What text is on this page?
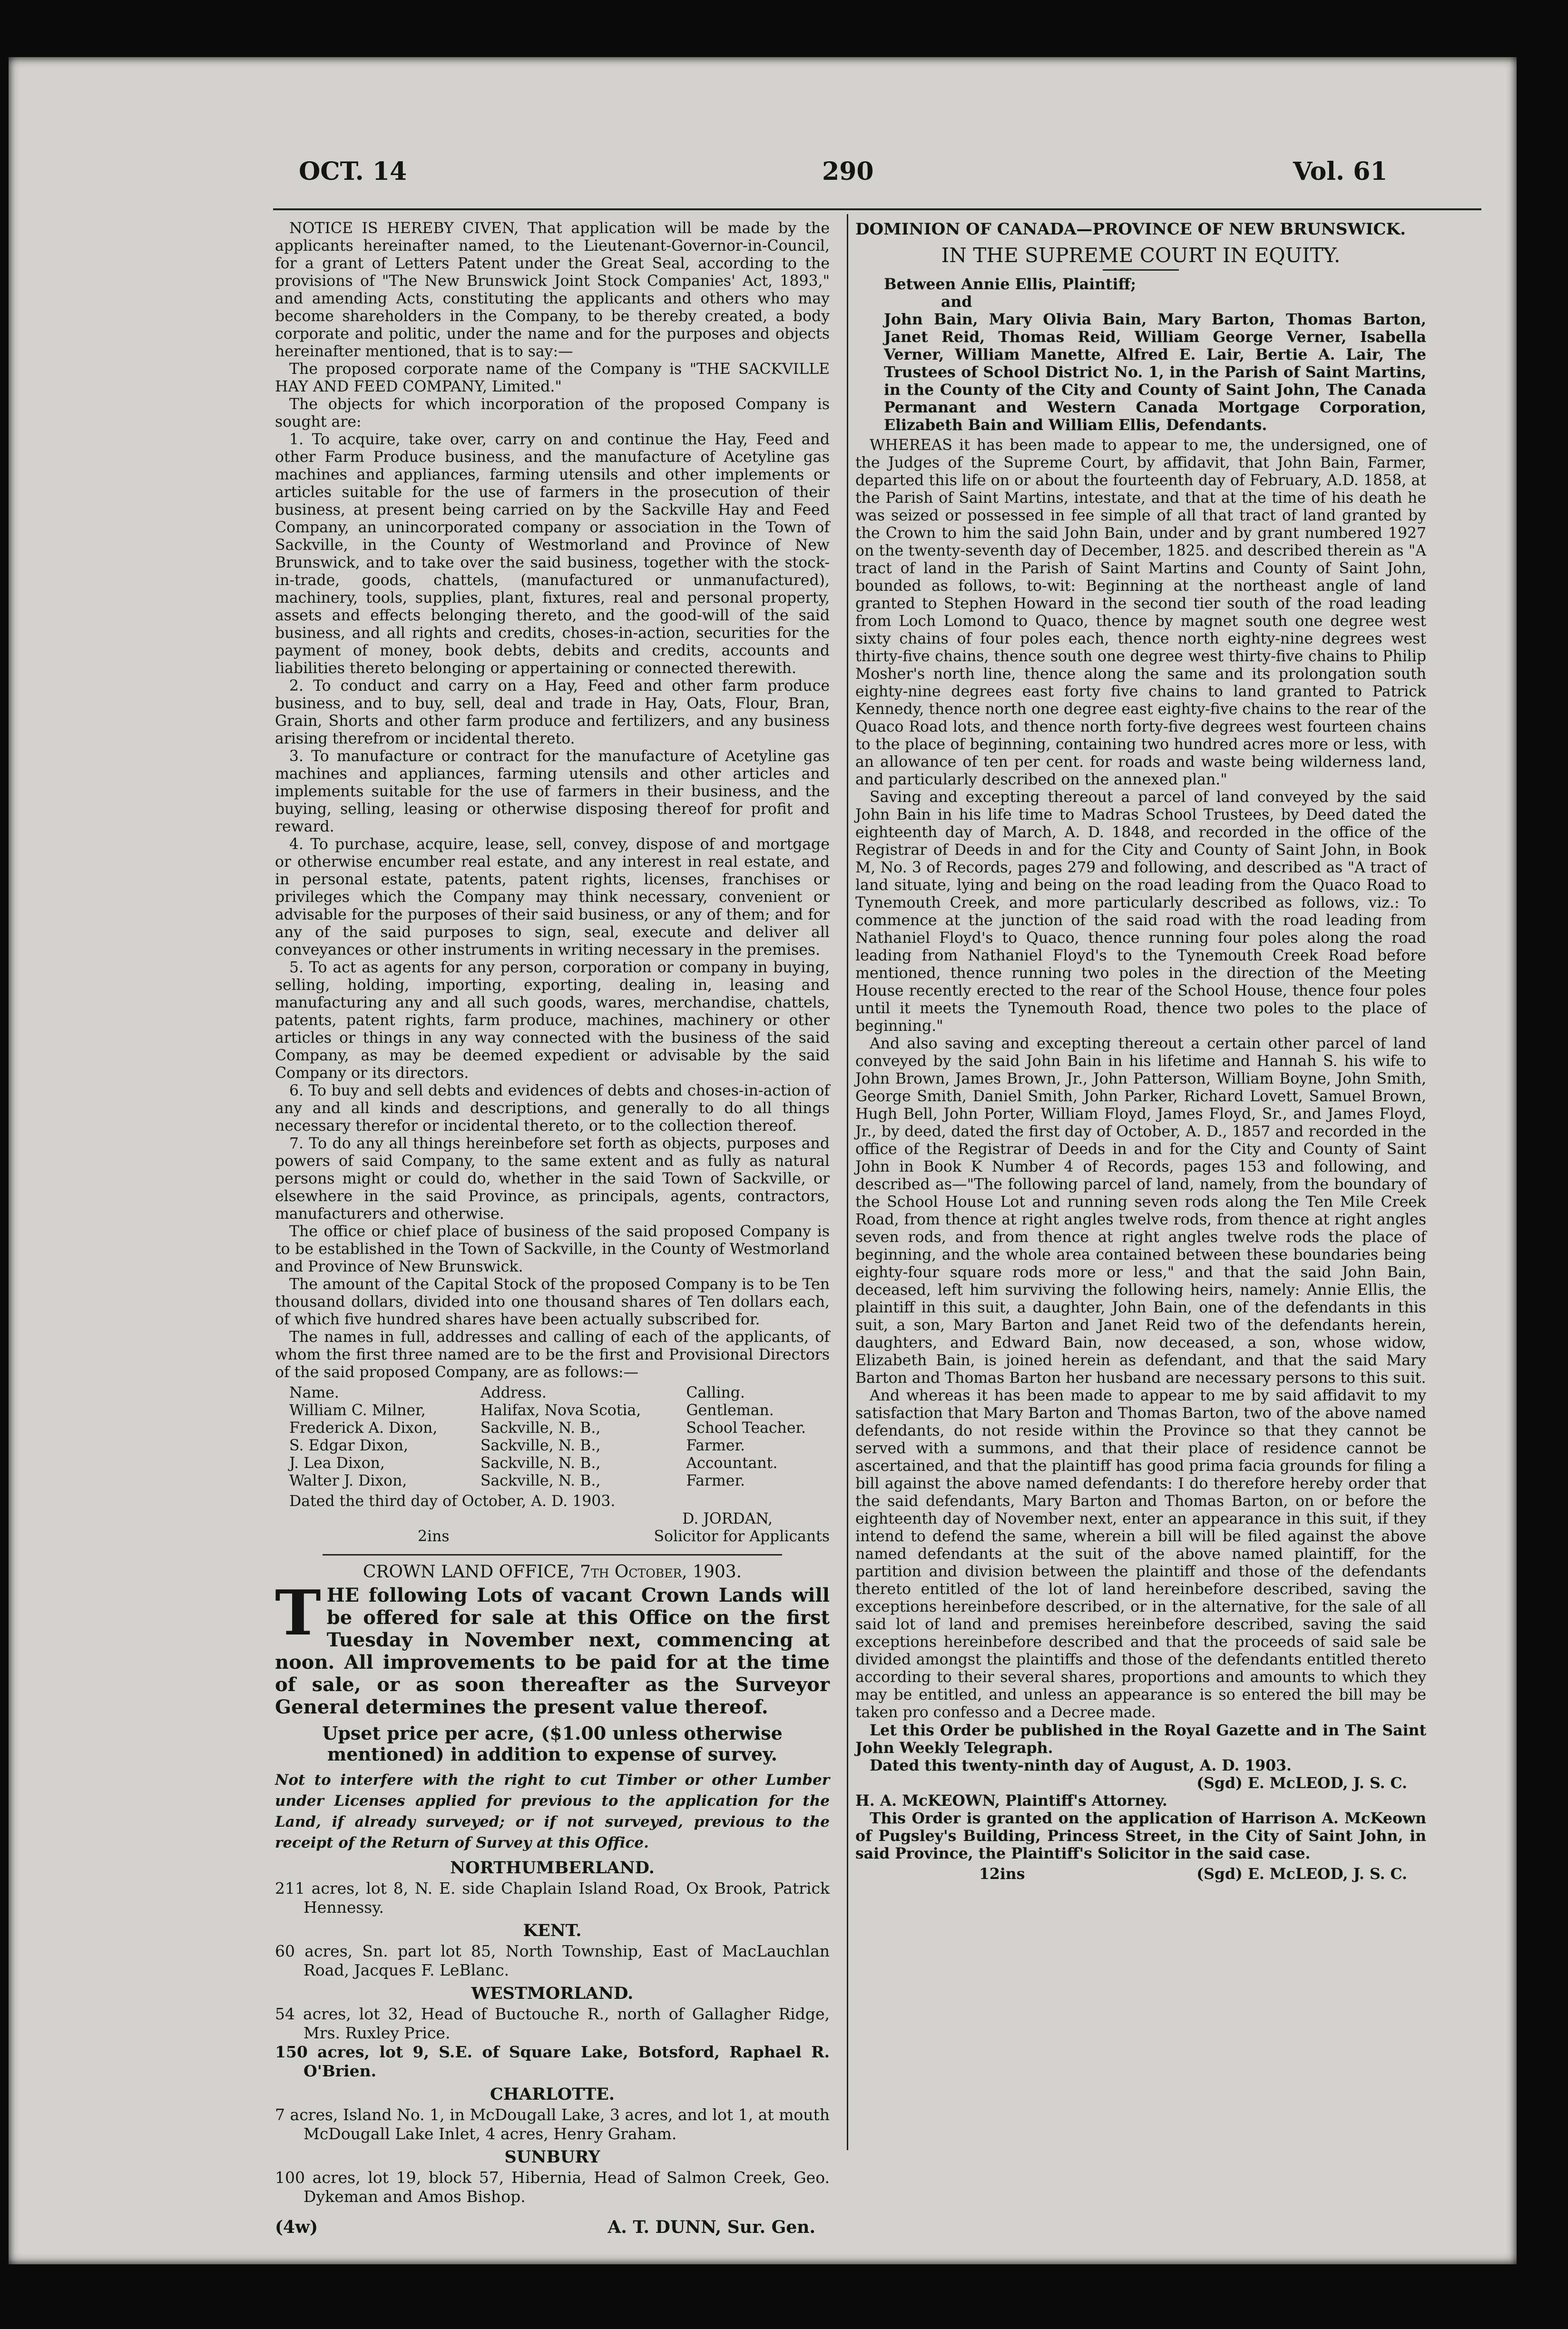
OCT. 14	290	Vol. 61

NOTICE IS HEREBY CIVEN, That application will be made by the applicants hereinafter named, to the Lieutenant-Governor-in-Council, for a grant of Letters Patent under the Great Seal, according to the provisions of "The New Brunswick Joint Stock Companies' Act, 1893," and amending Acts, constituting the applicants and others who may become shareholders in the Company, to be thereby created, a body corporate and politic, under the name and for the purposes and objects hereinafter mentioned, that is to say:—

The proposed corporate name of the Company is "THE SACKVILLE HAY AND FEED COMPANY, Limited."

The objects for which incorporation of the proposed Company is sought are:

1. To acquire, take over, carry on and continue the Hay, Feed and other Farm Produce business, and the manufacture of Acetyline gas machines and appliances, farming utensils and other implements or articles suitable for the use of farmers in the prosecution of their business, at present being carried on by the Sackville Hay and Feed Company, an unincorporated company or association in the Town of Sackville, in the County of Westmorland and Province of New Brunswick, and to take over the said business, together with the stock-in-trade, goods, chattels, (manufactured or unmanufactured), machinery, tools, supplies, plant, fixtures, real and personal property, assets and effects belonging thereto, and the good-will of the said business, and all rights and credits, choses-in-action, securities for the payment of money, book debts, debits and credits, accounts and liabilities thereto belonging or appertaining or connected therewith.

2. To conduct and carry on a Hay, Feed and other farm produce business, and to buy, sell, deal and trade in Hay, Oats, Flour, Bran, Grain, Shorts and other farm produce and fertilizers, and any business arising therefrom or incidental thereto.

3. To manufacture or contract for the manufacture of Acetyline gas machines and appliances, farming utensils and other articles and implements suitable for the use of farmers in their business, and the buying, selling, leasing or otherwise disposing thereof for profit and reward.

4. To purchase, acquire, lease, sell, convey, dispose of and mortgage or otherwise encumber real estate, and any interest in real estate, and in personal estate, patents, patent rights, licenses, franchises or privileges which the Company may think necessary, convenient or advisable for the purposes of their said business, or any of them; and for any of the said purposes to sign, seal, execute and deliver all conveyances or other instruments in writing necessary in the premises.

5. To act as agents for any person, corporation or company in buying, selling, holding, importing, exporting, dealing in, leasing and manufacturing any and all such goods, wares, merchandise, chattels, patents, patent rights, farm produce, machines, machinery or other articles or things in any way connected with the business of the said Company, as may be deemed expedient or advisable by the said Company or its directors.

6. To buy and sell debts and evidences of debts and choses-in-action of any and all kinds and descriptions, and generally to do all things necessary therefor or incidental thereto, or to the collection thereof.

7. To do any all things hereinbefore set forth as objects, purposes and powers of said Company, to the same extent and as fully as natural persons might or could do, whether in the said Town of Sackville, or elsewhere in the said Province, as principals, agents, contractors, manufacturers and otherwise.

The office or chief place of business of the said proposed Company is to be established in the Town of Sackville, in the County of Westmorland and Province of New Brunswick.

The amount of the Capital Stock of the proposed Company is to be Ten thousand dollars, divided into one thousand shares of Ten dollars each, of which five hundred shares have been actually subscribed for.

The names in full, addresses and calling of each of the applicants, of whom the first three named are to be the first and Provisional Directors of the said proposed Company, are as follows:—

Name.	Address.	Calling.
William C. Milner,	Halifax, Nova Scotia,	Gentleman.
Frederick A. Dixon,	Sackville, N. B.,	School Teacher.
S. Edgar Dixon,	Sackville, N. B.,	Farmer.
J. Lea Dixon,	Sackville, N. B.,	Accountant.
Walter J. Dixon,	Sackville, N. B.,	Farmer.

Dated the third day of October, A. D. 1903.

D. JORDAN,
2ins	Solicitor for Applicants
CROWN LAND OFFICE, 7th October, 1903.
T HE following Lots of vacant Crown Lands will be offered for sale at this Office on the first Tuesday in November next, commencing at noon. All improvements to be paid for at the time of sale, or as soon thereafter as the Surveyor General determines the present value thereof.

Upset price per acre, ($1.00 unless otherwise mentioned) in addition to expense of survey.

Not to interfere with the right to cut Timber or other Lumber under Licenses applied for previous to the application for the Land, if already surveyed; or if not surveyed, previous to the receipt of the Return of Survey at this Office.

NORTHUMBERLAND.

211 acres, lot 8, N. E. side Chaplain Island Road, Ox Brook, Patrick Hennessy.

KENT.

60 acres, Sn. part lot 85, North Township, East of MacLauchlan Road, Jacques F. LeBlanc.

WESTMORLAND.

54 acres, lot 32, Head of Buctouche R., north of Gallagher Ridge, Mrs. Ruxley Price.

150 acres, lot 9, S.E. of Square Lake, Botsford, Raphael R. O'Brien.

CHARLOTTE.

7 acres, Island No. 1, in McDougall Lake, 3 acres, and lot 1, at mouth McDougall Lake Inlet, 4 acres, Henry Graham.

SUNBURY

100 acres, lot 19, block 57, Hibernia, Head of Salmon Creek, Geo. Dykeman and Amos Bishop.

(4w)	A. T. DUNN, Sur. Gen.

DOMINION OF CANADA—PROVINCE OF NEW BRUNSWICK.

IN THE SUPREME COURT IN EQUITY.

Between Annie Ellis, Plaintiff;

and

John Bain, Mary Olivia Bain, Mary Barton, Thomas Barton, Janet Reid, Thomas Reid, William George Verner, Isabella Verner, William Manette, Alfred E. Lair, Bertie A. Lair, The Trustees of School District No. 1, in the Parish of Saint Martins, in the County of the City and County of Saint John, The Canada Permanant and Western Canada Mortgage Corporation, Elizabeth Bain and William Ellis, Defendants.

WHEREAS it has been made to appear to me, the undersigned, one of the Judges of the Supreme Court, by affidavit, that John Bain, Farmer, departed this life on or about the fourteenth day of February, A.D. 1858, at the Parish of Saint Martins, intestate, and that at the time of his death he was seized or possessed in fee simple of all that tract of land granted by the Crown to him the said John Bain, under and by grant numbered 1927 on the twenty-seventh day of December, 1825. and described therein as "A tract of land in the Parish of Saint Martins and County of Saint John, bounded as follows, to-wit: Beginning at the northeast angle of land granted to Stephen Howard in the second tier south of the road leading from Loch Lomond to Quaco, thence by magnet south one degree west sixty chains of four poles each, thence north eighty-nine degrees west thirty-five chains, thence south one degree west thirty-five chains to Philip Mosher's north line, thence along the same and its prolongation south eighty-nine degrees east forty five chains to land granted to Patrick Kennedy, thence north one degree east eighty-five chains to the rear of the Quaco Road lots, and thence north forty-five degrees west fourteen chains to the place of beginning, containing two hundred acres more or less, with an allowance of ten per cent. for roads and waste being wilderness land, and particularly described on the annexed plan."

Saving and excepting thereout a parcel of land conveyed by the said John Bain in his life time to Madras School Trustees, by Deed dated the eighteenth day of March, A. D. 1848, and recorded in the office of the Registrar of Deeds in and for the City and County of Saint John, in Book M, No. 3 of Records, pages 279 and following, and described as "A tract of land situate, lying and being on the road leading from the Quaco Road to Tynemouth Creek, and more particularly described as follows, viz.: To commence at the junction of the said road with the road leading from Nathaniel Floyd's to Quaco, thence running four poles along the road leading from Nathaniel Floyd's to the Tynemouth Creek Road before mentioned, thence running two poles in the direction of the Meeting House recently erected to the rear of the School House, thence four poles until it meets the Tynemouth Road, thence two poles to the place of beginning."

And also saving and excepting thereout a certain other parcel of land conveyed by the said John Bain in his lifetime and Hannah S. his wife to John Brown, James Brown, Jr., John Patterson, William Boyne, John Smith, George Smith, Daniel Smith, John Parker, Richard Lovett, Samuel Brown, Hugh Bell, John Porter, William Floyd, James Floyd, Sr., and James Floyd, Jr., by deed, dated the first day of October, A. D., 1857 and recorded in the office of the Registrar of Deeds in and for the City and County of Saint John in Book K Number 4 of Records, pages 153 and following, and described as—"The following parcel of land, namely, from the boundary of the School House Lot and running seven rods along the Ten Mile Creek Road, from thence at right angles twelve rods, from thence at right angles seven rods, and from thence at right angles twelve rods the place of beginning, and the whole area contained between these boundaries being eighty-four square rods more or less," and that the said John Bain, deceased, left him surviving the following heirs, namely: Annie Ellis, the plaintiff in this suit, a daughter, John Bain, one of the defendants in this suit, a son, Mary Barton and Janet Reid two of the defendants herein, daughters, and Edward Bain, now deceased, a son, whose widow, Elizabeth Bain, is joined herein as defendant, and that the said Mary Barton and Thomas Barton her husband are necessary persons to this suit.

And whereas it has been made to appear to me by said affidavit to my satisfaction that Mary Barton and Thomas Barton, two of the above named defendants, do not reside within the Province so that they cannot be served with a summons, and that their place of residence cannot be ascertained, and that the plaintiff has good prima facia grounds for filing a bill against the above named defendants: I do therefore hereby order that the said defendants, Mary Barton and Thomas Barton, on or before the eighteenth day of November next, enter an appearance in this suit, if they intend to defend the same, wherein a bill will be filed against the above named defendants at the suit of the above named plaintiff, for the partition and division between the plaintiff and those of the defendants thereto entitled of the lot of land hereinbefore described, saving the exceptions hereinbefore described, or in the alternative, for the sale of all said lot of land and premises hereinbefore described, saving the said exceptions hereinbefore described and that the proceeds of said sale be divided amongst the plaintiffs and those of the defendants entitled thereto according to their several shares, proportions and amounts to which they may be entitled, and unless an appearance is so entered the bill may be taken pro confesso and a Decree made.

Let this Order be published in the Royal Gazette and in The Saint John Weekly Telegraph.

Dated this twenty-ninth day of August, A. D. 1903.

(Sgd) E. McLEOD, J. S. C.

H. A. McKEOWN, Plaintiff's Attorney.

This Order is granted on the application of Harrison A. McKeown of Pugsley's Building, Princess Street, in the City of Saint John, in said Province, the Plaintiff's Solicitor in the said case.

12ins	(Sgd) E. McLEOD, J. S. C.
